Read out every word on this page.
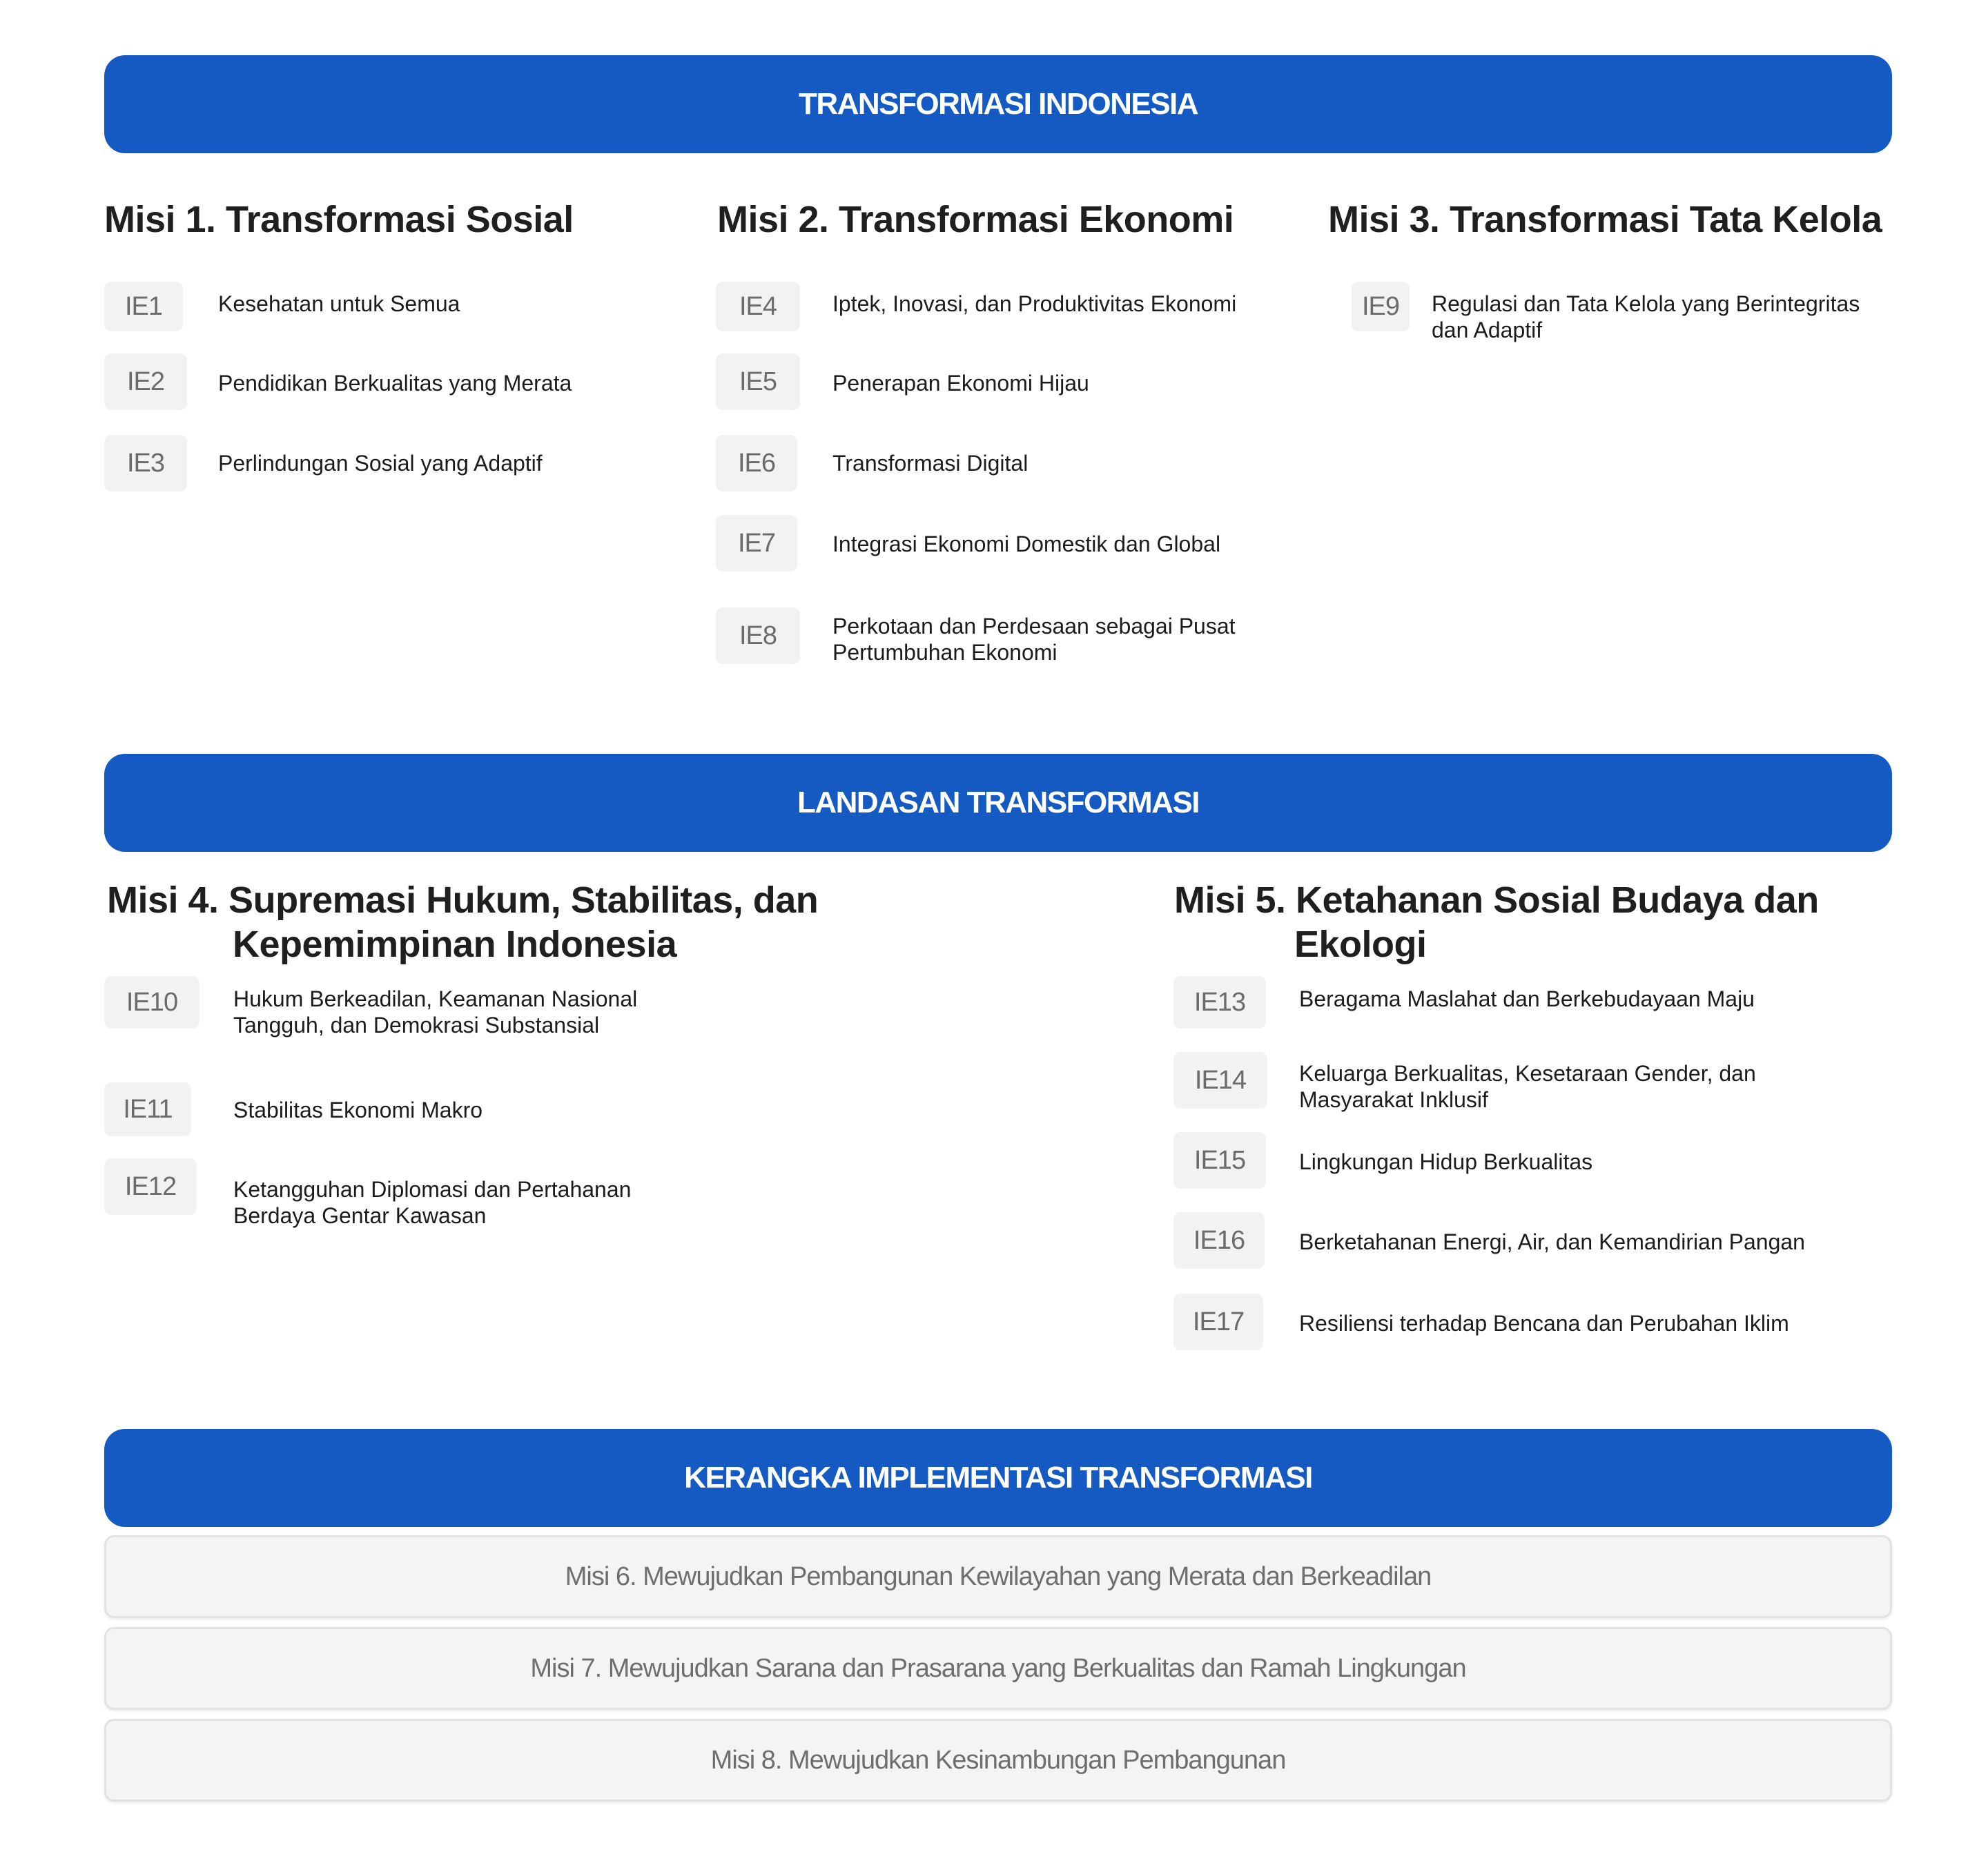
TRANSFORMASI INDONESIA
Misi 1. Transformasi Sosial
IE1	Kesehatan untuk Semua
IE2	Pendidikan Berkualitas yang Merata
IE3	Perlindungan Sosial yang Adaptif
Misi 2. Transformasi Ekonomi
IE4	Iptek, Inovasi, dan Produktivitas Ekonomi
IE5	Penerapan Ekonomi Hijau
IE6	Transformasi Digital
IE7	Integrasi Ekonomi Domestik dan Global
IE8	Perkotaan dan Perdesaan sebagai Pusat Pertumbuhan Ekonomi
Misi 3. Transformasi Tata Kelola
IE9	Regulasi dan Tata Kelola yang Berintegritas dan Adaptif
LANDASAN TRANSFORMASI
Misi 4. Supremasi Hukum, Stabilitas, dan
Kepemimpinan Indonesia
IE10	Hukum Berkeadilan, Keamanan Nasional Tangguh, dan Demokrasi Substansial
IE11	Stabilitas Ekonomi Makro
IE12	Ketangguhan Diplomasi dan Pertahanan Berdaya Gentar Kawasan
Misi 5. Ketahanan Sosial Budaya dan
Ekologi
IE13	Beragama Maslahat dan Berkebudayaan Maju
IE14	Keluarga Berkualitas, Kesetaraan Gender, dan Masyarakat Inklusif
IE15	Lingkungan Hidup Berkualitas
IE16	Berketahanan Energi, Air, dan Kemandirian Pangan
IE17	Resiliensi terhadap Bencana dan Perubahan Iklim
KERANGKA IMPLEMENTASI TRANSFORMASI
Misi 6. Mewujudkan Pembangunan Kewilayahan yang Merata dan Berkeadilan
Misi 7. Mewujudkan Sarana dan Prasarana yang Berkualitas dan Ramah Lingkungan
Misi 8. Mewujudkan Kesinambungan Pembangunan
